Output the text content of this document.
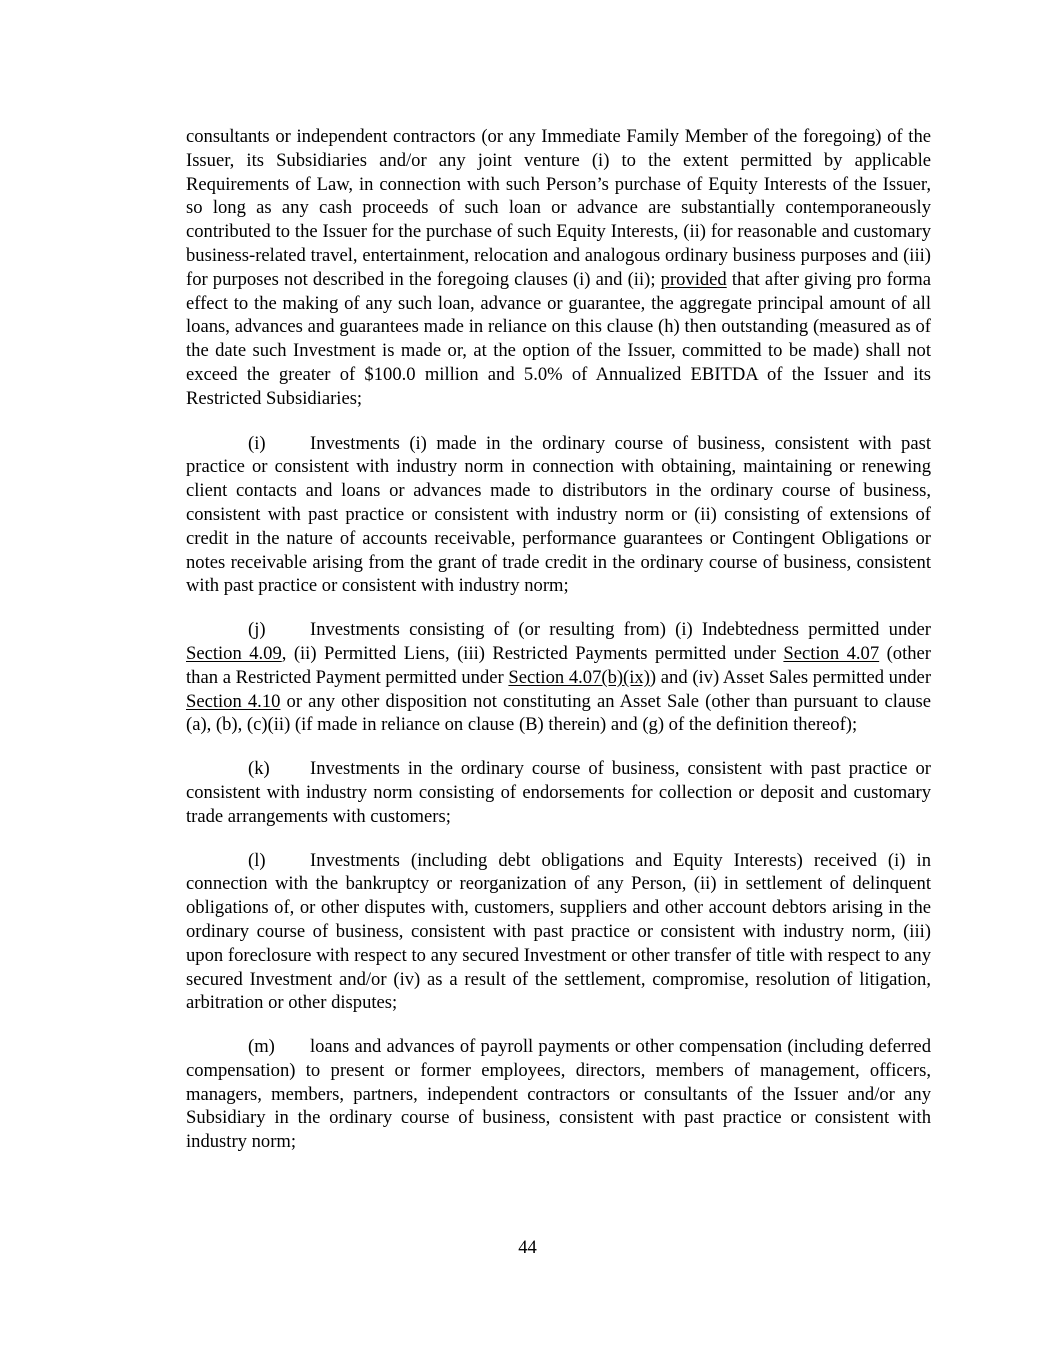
consultants or independent contractors (or any Immediate Family Member of the foregoing) of the Issuer, its Subsidiaries and/or any joint venture (i) to the extent permitted by applicable Requirements of Law, in connection with such Person’s purchase of Equity Interests of the Issuer, so long as any cash proceeds of such loan or advance are substantially contemporaneously contributed to the Issuer for the purchase of such Equity Interests, (ii) for reasonable and customary business-related travel, entertainment, relocation and analogous ordinary business purposes and (iii) for purposes not described in the foregoing clauses (i) and (ii); provided that after giving pro forma effect to the making of any such loan, advance or guarantee, the aggregate principal amount of all loans, advances and guarantees made in reliance on this clause (h) then outstanding (measured as of the date such Investment is made or, at the option of the Issuer, committed to be made) shall not exceed the greater of $100.0 million and 5.0% of Annualized EBITDA of the Issuer and its Restricted Subsidiaries;

(i) Investments (i) made in the ordinary course of business, consistent with past practice or consistent with industry norm in connection with obtaining, maintaining or renewing client contacts and loans or advances made to distributors in the ordinary course of business, consistent with past practice or consistent with industry norm or (ii) consisting of extensions of credit in the nature of accounts receivable, performance guarantees or Contingent Obligations or notes receivable arising from the grant of trade credit in the ordinary course of business, consistent with past practice or consistent with industry norm;

(j) Investments consisting of (or resulting from) (i) Indebtedness permitted under Section 4.09, (ii) Permitted Liens, (iii) Restricted Payments permitted under Section 4.07 (other than a Restricted Payment permitted under Section 4.07(b)(ix)) and (iv) Asset Sales permitted under Section 4.10 or any other disposition not constituting an Asset Sale (other than pursuant to clause (a), (b), (c)(ii) (if made in reliance on clause (B) therein) and (g) of the definition thereof);

(k) Investments in the ordinary course of business, consistent with past practice or consistent with industry norm consisting of endorsements for collection or deposit and customary trade arrangements with customers;

(l) Investments (including debt obligations and Equity Interests) received (i) in connection with the bankruptcy or reorganization of any Person, (ii) in settlement of delinquent obligations of, or other disputes with, customers, suppliers and other account debtors arising in the ordinary course of business, consistent with past practice or consistent with industry norm, (iii) upon foreclosure with respect to any secured Investment or other transfer of title with respect to any secured Investment and/or (iv) as a result of the settlement, compromise, resolution of litigation, arbitration or other disputes;

(m) loans and advances of payroll payments or other compensation (including deferred compensation) to present or former employees, directors, members of management, officers, managers, members, partners, independent contractors or consultants of the Issuer and/or any Subsidiary in the ordinary course of business, consistent with past practice or consistent with industry norm;

44
